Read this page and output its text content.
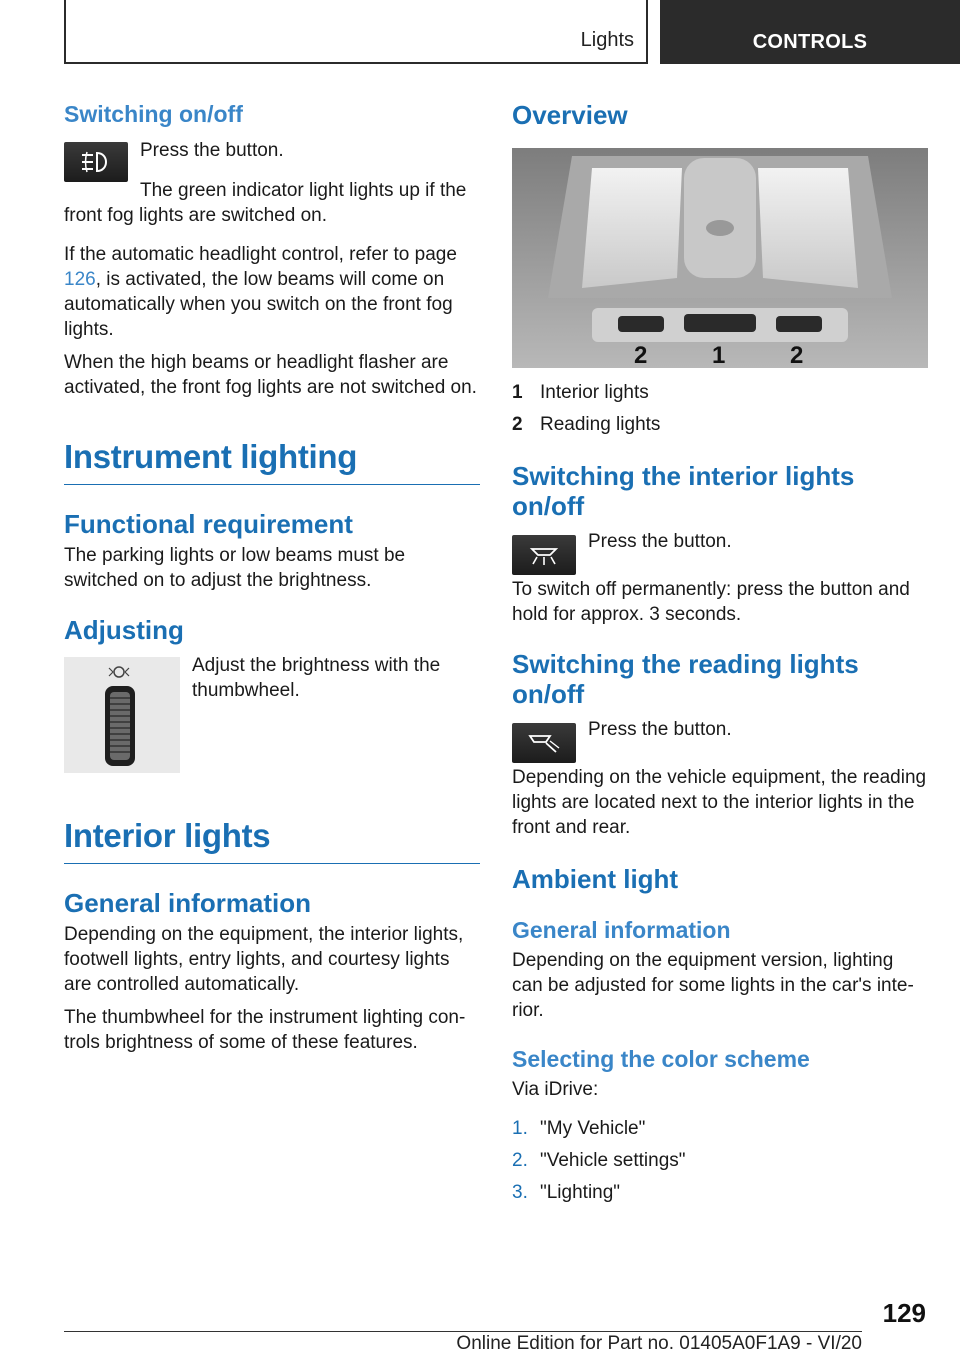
Lights	CONTROLS
Switching on/off

Press the button.

The green indicator light lights up if the front fog lights are switched on.

If the automatic headlight control, refer to page 126, is activated, the low beams will come on automatically when you switch on the front fog lights.

When the high beams or headlight flasher are activated, the front fog lights are not switched on.

Instrument lighting
Functional requirement

The parking lights or low beams must be switched on to adjust the brightness.

Adjusting

Adjust the brightness with the thumbwheel.

Interior lights
General information

Depending on the equipment, the interior lights, footwell lights, entry lights, and courtesy lights are controlled automatically.

The thumbwheel for the instrument lighting controls brightness of some of these features.

Overview
2	1	2
1 Interior lights
2 Reading lights
Switching the interior lights on/off

Press the button.

To switch off permanently: press the button and hold for approx. 3 seconds.

Switching the reading lights on/off

Press the button.

Depending on the vehicle equipment, the reading lights are located next to the interior lights in the front and rear.

Ambient light
General information

Depending on the equipment version, lighting can be adjusted for some lights in the car's interior.

Selecting the color scheme

Via iDrive:

1. "My Vehicle"
2. "Vehicle settings"
3. "Lighting"
129
Online Edition for Part no. 01405A0F1A9 - VI/20
